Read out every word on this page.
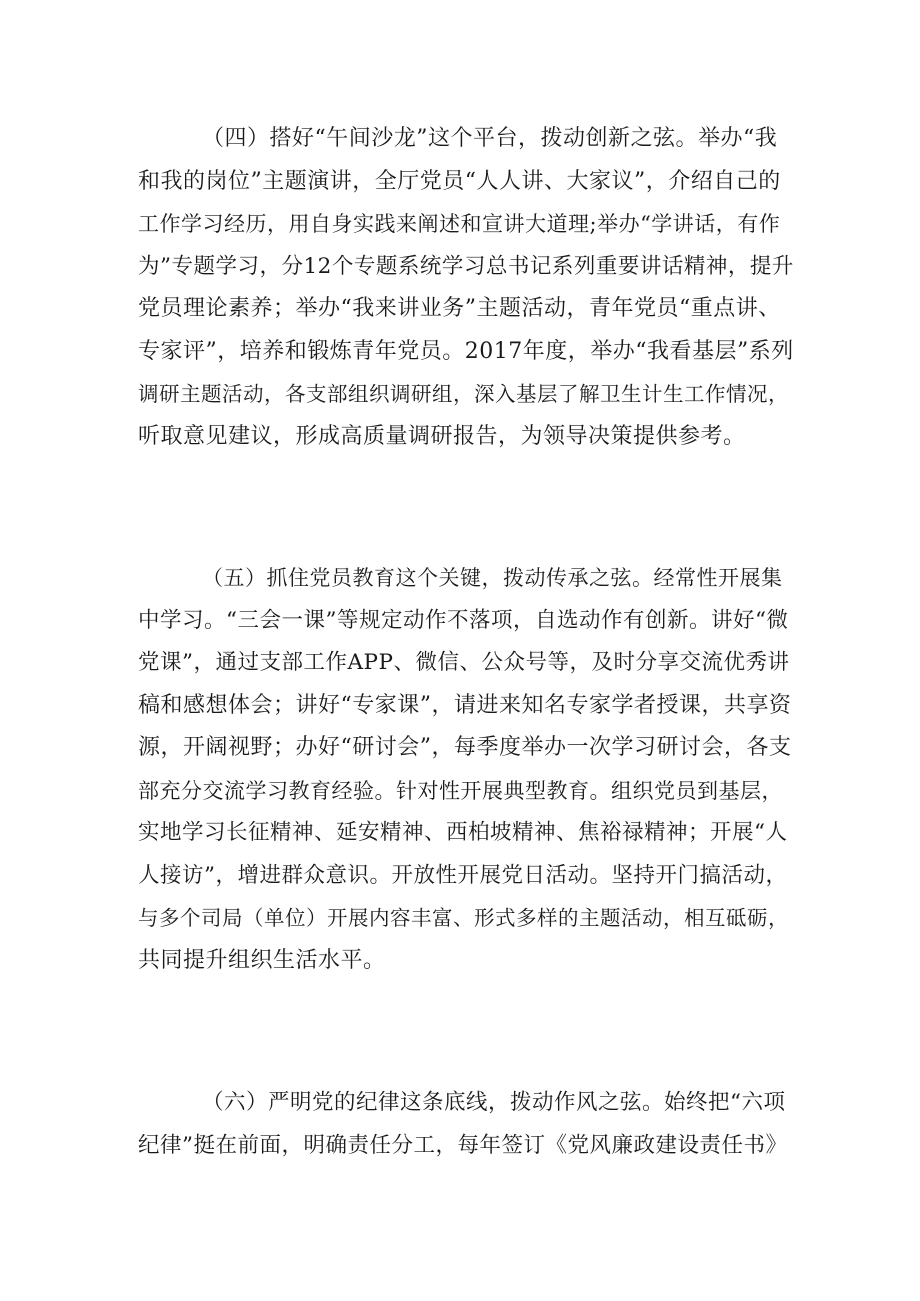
（四）搭好“午间沙龙”这个平台，拨动创新之弦。举办“我
和我的岗位”主题演讲，全厅党员“人人讲、大家议”，介绍自己的
工作学习经历，用自身实践来阐述和宣讲大道理;举办“学讲话，有作
为”专题学习，分12个专题系统学习总书记系列重要讲话精神，提升
党员理论素养；举办“我来讲业务”主题活动，青年党员“重点讲、
专家评”，培养和锻炼青年党员。2017年度，举办“我看基层”系列
调研主题活动，各支部组织调研组，深入基层了解卫生计生工作情况，
听取意见建议，形成高质量调研报告，为领导决策提供参考。

（五）抓住党员教育这个关键，拨动传承之弦。经常性开展集
中学习。“三会一课”等规定动作不落项，自选动作有创新。讲好“微
党课”，通过支部工作APP、微信、公众号等，及时分享交流优秀讲
稿和感想体会；讲好“专家课”，请进来知名专家学者授课，共享资
源，开阔视野；办好“研讨会”，每季度举办一次学习研讨会，各支
部充分交流学习教育经验。针对性开展典型教育。组织党员到基层，
实地学习长征精神、延安精神、西柏坡精神、焦裕禄精神；开展“人
人接访”，增进群众意识。开放性开展党日活动。坚持开门搞活动，
与多个司局（单位）开展内容丰富、形式多样的主题活动，相互砥砺，
共同提升组织生活水平。

（六）严明党的纪律这条底线，拨动作风之弦。始终把“六项
纪律”挺在前面，明确责任分工，每年签订《党风廉政建设责任书》
